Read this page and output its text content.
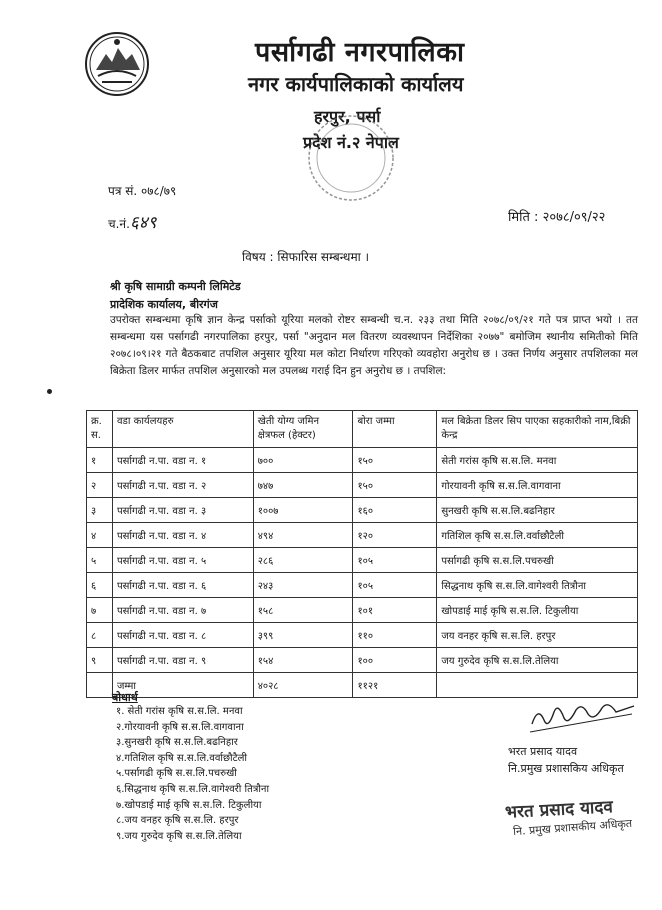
पर्सागढी नगरपालिका
नगर कार्यपालिकाको कार्यालय
हरपुर, पर्सा
प्रदेश नं.२ नेपाल
पत्र सं. ०७८/७९
च.नं.६४९	मिति : २०७८/०९/२२
विषय : सिफारिस सम्बन्धमा ।
श्री कृषि सामाग्री कम्पनी लिमिटेड
प्रादेशिक कार्यालय, बीरगंज
उपरोक्त सम्बन्धमा कृषि ज्ञान केन्द्र पर्साको यूरिया मलको रोष्टर सम्बन्धी च.न. २३३ तथा मिति २०७८/०९/२१ गते पत्र प्राप्त भयो । तत सम्बन्धमा यस पर्सागढी नगरपालिका हरपुर, पर्सा "अनुदान मल वितरण व्यवस्थापन निर्देशिका २०७७" बमोजिम स्थानीय समितीको मिति २०७८।०९।२१ गते बैठकबाट तपशिल अनुसार यूरिया मल कोटा निर्धारण गरिएको व्यवहोरा अनुरोध छ । उक्त निर्णय अनुसार तपशिलका मल बिक्रेता डिलर मार्फत तपशिल अनुसारको मल उपलब्ध गराई दिन हुन अनुरोध छ । तपशिल:
क्र. स.	वडा कार्यलयहरु	खेती योग्य जमिन क्षेत्रफल (हेक्टर)	बोरा जम्मा	मल बिक्रेता डिलर सिप पाएका सहकारीको नाम,बिक्री केन्द्र
१	पर्सागढी न.पा. वडा न. १	७००	१५०	सेती गरांस कृषि स.स.लि. मनवा
२	पर्सागढी न.पा. वडा न. २	७४७	१५०	गोरयावनी कृषि स.स.लि.वागवाना
३	पर्सागढी न.पा. वडा न. ३	१००७	१६०	सुनखरी कृषि स.स.लि.बढनिहार
४	पर्सागढी न.पा. वडा न. ४	४९४	१२०	गतिशिल कृषि स.स.लि.वर्वाछौटैली
५	पर्सागढी न.पा. वडा न. ५	२८६	१०५	पर्सागढी कृषि स.स.लि.पचरुखी
६	पर्सागढी न.पा. वडा न. ६	२४३	१०५	सिद्धनाथ कृषि स.स.लि.वागेश्वरी तित्रौना
७	पर्सागढी न.पा. वडा न. ७	१५८	१०१	खोपडाई माई कृषि स.स.लि. टिकुलीया
८	पर्सागढी न.पा. वडा न. ८	३९९	११०	जय वनहर कृषि स.स.लि. हरपुर
९	पर्सागढी न.पा. वडा न. ९	१५४	१००	जय गुरुदेव कृषि स.स.लि.तेलिया
	जम्मा	४०२८	११२१	
बोधार्थ
१. सेती गरांस कृषि स.स.लि. मनवा
२.गोरयावनी कृषि स.स.लि.वागवाना
३.सुनखरी कृषि स.स.लि.बढनिहार
४.गतिशिल कृषि स.स.लि.वर्वाछौटैली
५.पर्सागढी कृषि स.स.लि.पचरुखी
६.सिद्धनाथ कृषि स.स.लि.वागेश्वरी तित्रौना
७.खोपडाई माई कृषि स.स.लि. टिकुलीया
८.जय वनहर कृषि स.स.लि. हरपुर
९.जय गुरुदेव कृषि स.स.लि.तेलिया
भरत प्रसाद यादव
नि.प्रमुख प्रशासकिय अधिकृत
भरत प्रसाद यादव
नि. प्रमुख प्रशासकीय अधिकृत
